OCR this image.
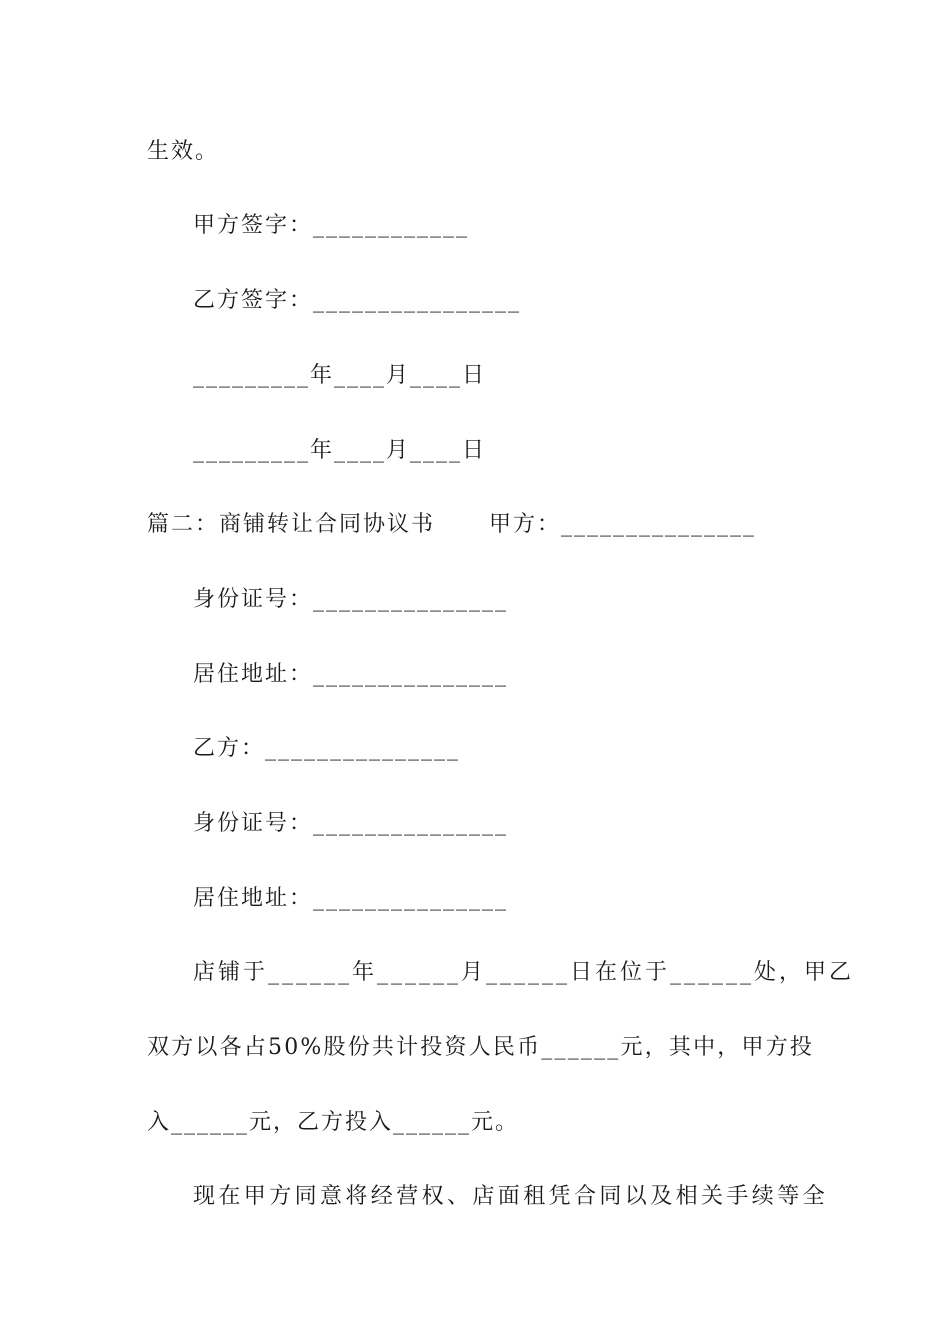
生效。
甲方签字：____________
乙方签字：________________
_________年____月____日
_________年____月____日
篇二：商铺转让合同协议书      甲方：_______________
身份证号：_______________
居住地址：_______________
乙方：_______________
身份证号：_______________
居住地址：_______________
店铺于______年______月______日在位于______处，甲乙
双方以各占50%股份共计投资人民币______元，其中，甲方投
入______元，乙方投入______元。
现在甲方同意将经营权、店面租凭合同以及相关手续等全
